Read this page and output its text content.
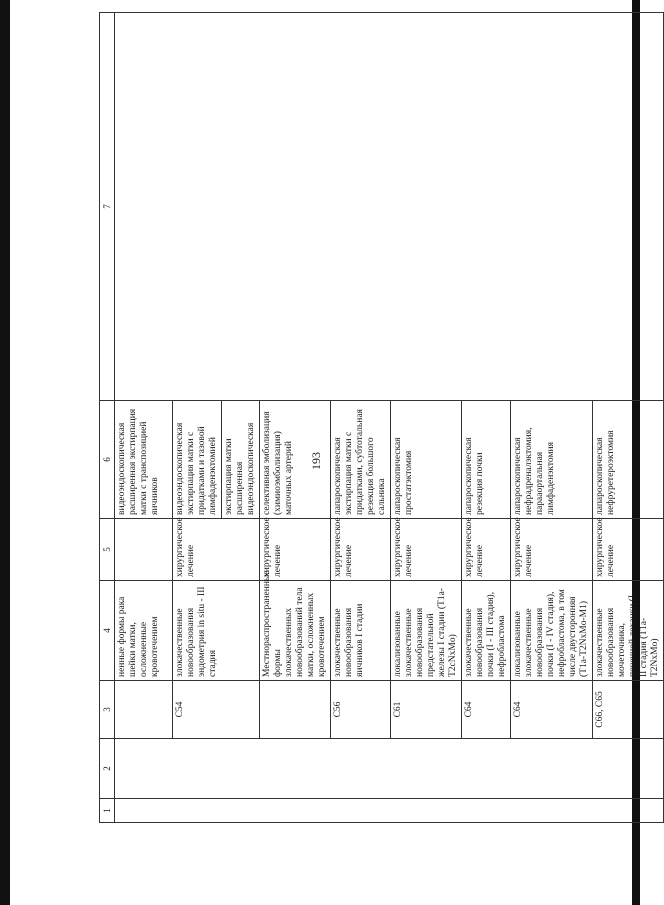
193
1	2	3	4	5	6	7
			ненные формы рака шейки матки, осложненные кровотечением		видеоэндоскопическая расширенная экстирпация матки с транспозицией яичников	
		C54	злокачественные новообразования эндометрия in situ - III стадия	хирургическое лечение	видеоэндоскопическая экстирпация матки с придатками и тазовой лимфаденэктомией	
					экстирпация матки расширенная видеоэндоскопическая	
			Местнораспространенные формы злокачественных новообразований тела матки, осложненных кровотечением	хирургическое лечение	селективная эмболизация (химиоэмболизация) маточных артерий	
		C56	злокачественные новообразования яичников I стадии	хирургическое лечение	лапароскопическая экстирпация матки с придатками, субтотальная резекция большого сальника	
		C61	локализованные злокачественные новообразования предстательной железы I стадии (T1a-T2cNxMo)	хирургическое лечение	лапароскопическая простатэктомия	
		C64	злокачественные новообразования почки (I - III стадия), нефробластома	хирургическое лечение	лапароскопическая резекция почки	
		C64	локализованные злокачественные новообразования почки (I - IV стадия), нефробластома, в том числе двусторонняя (T1a-T2NxMo-M1)	хирургическое лечение	лапароскопическая нефрадреналэктомия, парааортальная лимфаденэктомия	
		C66, C65	злокачественные новообразования мочеточника, почечной лоханки (I - II стадия (T1a-T2NxMo)	хирургическое лечение	лапароскопическая нефруретероэктомия	
